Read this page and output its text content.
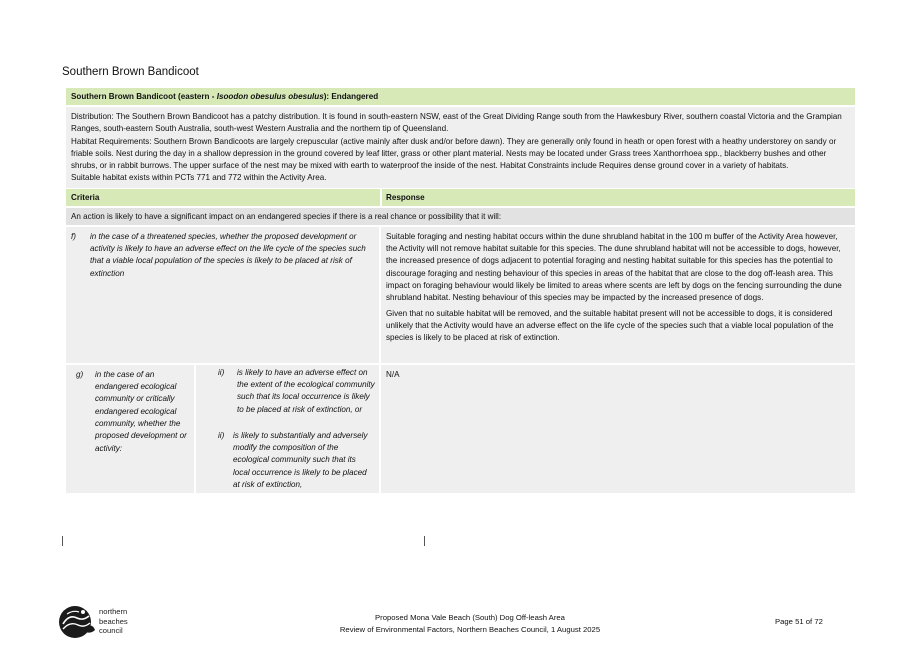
Southern Brown Bandicoot
Southern Brown Bandicoot (eastern - Isoodon obesulus obesulus): Endangered

Distribution: The Southern Brown Bandicoot has a patchy distribution. It is found in south-eastern NSW, east of the Great Dividing Range south from the Hawkesbury River, southern coastal Victoria and the Grampian Ranges, south-eastern South Australia, south-west Western Australia and the northern tip of Queensland.

Habitat Requirements: Southern Brown Bandicoots are largely crepuscular (active mainly after dusk and/or before dawn). They are generally only found in heath or open forest with a heathy understorey on sandy or friable soils. Nest during the day in a shallow depression in the ground covered by leaf litter, grass or other plant material. Nests may be located under Grass trees Xanthorrhoea spp., blackberry bushes and other shrubs, or in rabbit burrows. The upper surface of the nest may be mixed with earth to waterproof the inside of the nest. Habitat Constraints include Requires dense ground cover in a variety of habitats.

Suitable habitat exists within PCTs 771 and 772 within the Activity Area.

Criteria	Response
An action is likely to have a significant impact on an endangered species if there is a real chance or possibility that it will:
f) in the case of a threatened species, whether the proposed development or activity is likely to have an adverse effect on the life cycle of the species such that a viable local population of the species is likely to be placed at risk of extinction

Suitable foraging and nesting habitat occurs within the dune shrubland habitat in the 100 m buffer of the Activity Area however, the Activity will not remove habitat suitable for this species. The dune shrubland habitat will not be accessible to dogs, however, the increased presence of dogs adjacent to potential foraging and nesting habitat suitable for this species has the potential to discourage foraging and nesting behaviour of this species in areas of the habitat that are close to the dog off-leash area. This impact on foraging behaviour would likely be limited to areas where scents are left by dogs on the fencing surrounding the dune shrubland habitat. Nesting behaviour of this species may be impacted by the increased presence of dogs.

Given that no suitable habitat will be removed, and the suitable habitat present will not be accessible to dogs, it is considered unlikely that the Activity would have an adverse effect on the life cycle of the species such that a viable local population of the species is likely to be placed at risk of extinction.

g) in the case of an endangered ecological community or critically endangered ecological community, whether the proposed development or activity:
ii) is likely to have an adverse effect on the extent of the ecological community such that its local occurrence is likely to be placed at risk of extinction, or
ii) is likely to substantially and adversely modify the composition of the ecological community such that its local occurrence is likely to be placed at risk of extinction,
N/A
northern
beaches
council
Proposed Mona Vale Beach (South) Dog Off-leash Area
Review of Environmental Factors, Northern Beaches Council, 1 August 2025
Page 51 of 72
